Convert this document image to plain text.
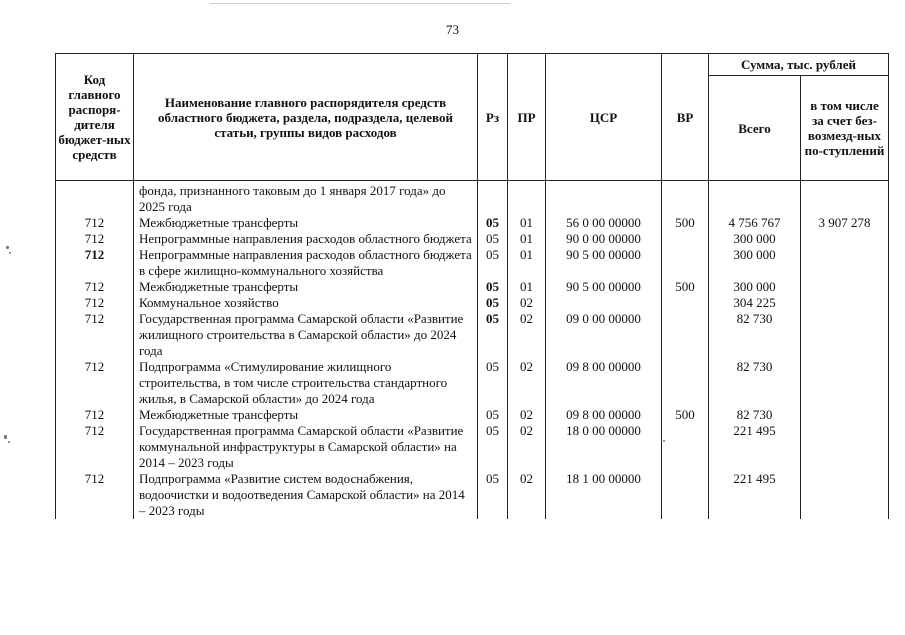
73
Код главного распоря-дителя бюджет-ных средств	Наименование главного распорядителя средств областного бюджета, раздела, подраздела, целевой статьи, группы видов расходов	Рз	ПР	ЦСР	ВР	Сумма, тыс. рублей	
						Всего	в том числе за счет без-возмезд-ных по-ступлений
	фонда, признанного таковым до 1 января 2017 года» до 2025 года						
712	Межбюджетные трансферты	05	01	56 0 00 00000	500	4 756 767	3 907 278
712	Непрограммные направления расходов областного бюджета	05	01	90 0 00 00000		300 000	
712	Непрограммные направления расходов областного бюджета в сфере жилищно-коммунального хозяйства	05	01	90 5 00 00000		300 000	
712	Межбюджетные трансферты	05	01	90 5 00 00000	500	300 000	
712	Коммунальное хозяйство	05	02			304 225	
712	Государственная программа Самарской области «Развитие жилищного строительства в Самарской области» до 2024 года	05	02	09 0 00 00000		82 730	
712	Подпрограмма «Стимулирование жилищного строительства, в том числе строительства стандартного жилья, в Самарской области» до 2024 года	05	02	09 8 00 00000		82 730	
712	Межбюджетные трансферты	05	02	09 8 00 00000	500	82 730	
712	Государственная программа Самарской области «Развитие коммунальной инфраструктуры в Самарской области» на 2014 – 2023 годы	05	02	18 0 00 00000		221 495	
712	Подпрограмма «Развитие систем водоснабжения, водоочистки и водоотведения Самарской области» на 2014 – 2023 годы	05	02	18 1 00 00000		221 495	
